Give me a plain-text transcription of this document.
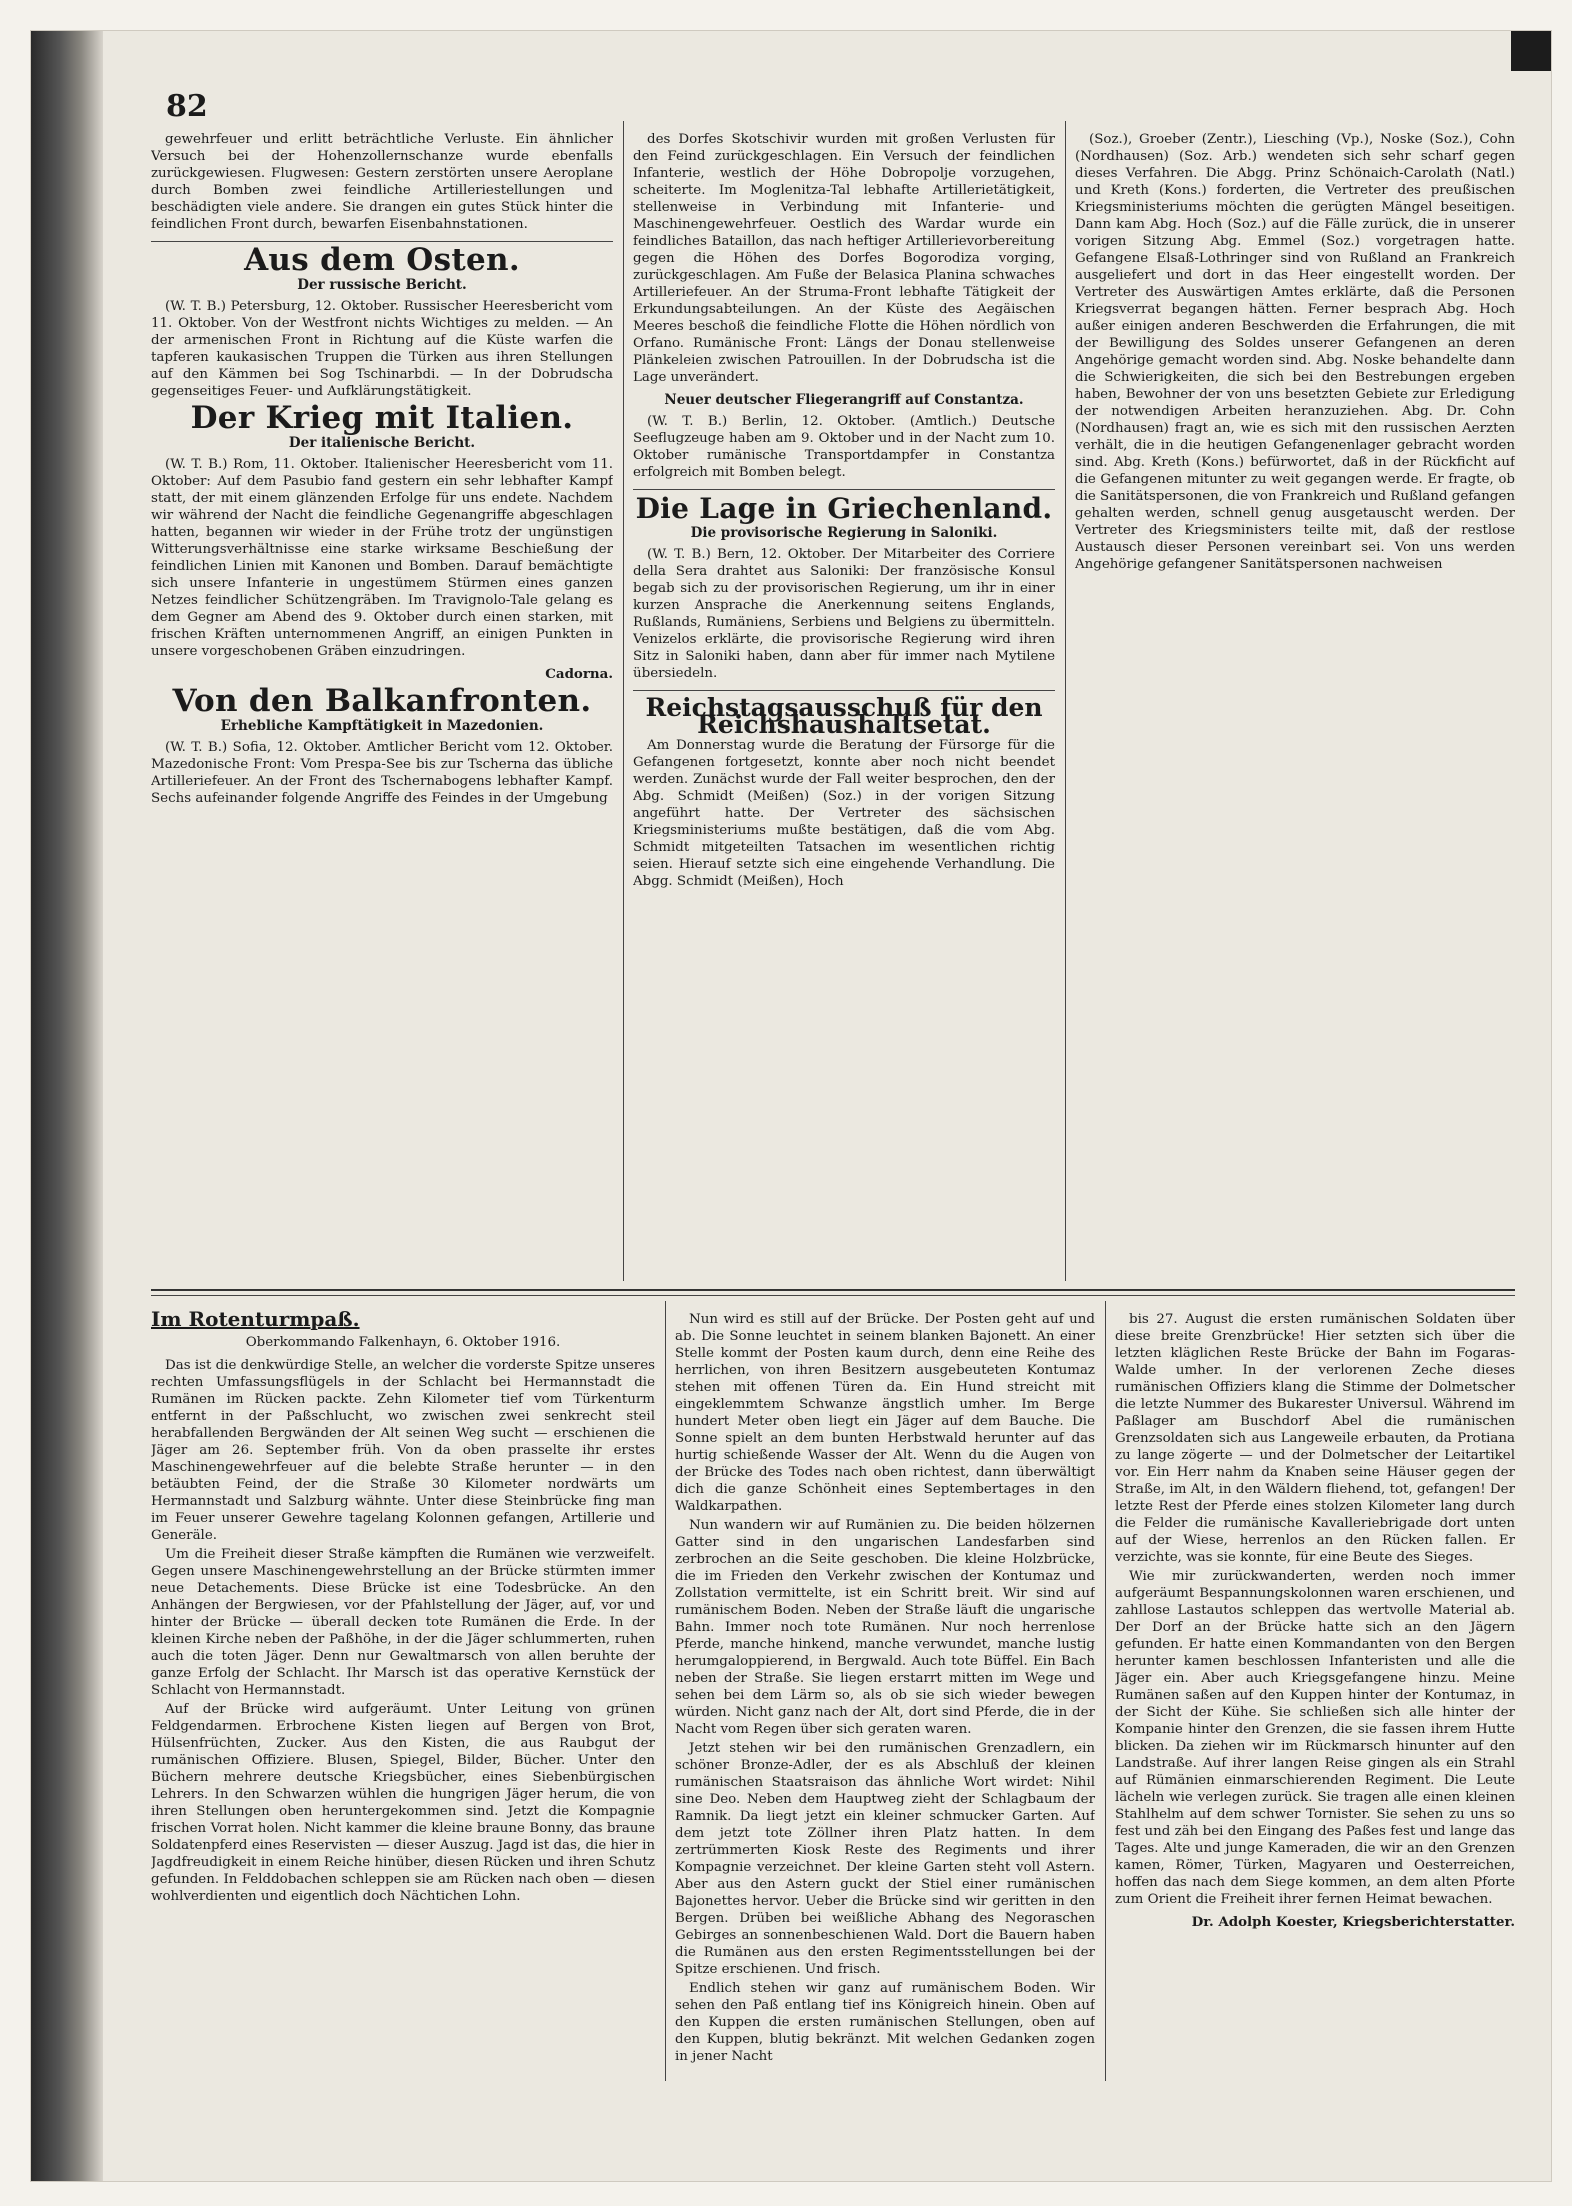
82

gewehrfeuer und erlitt beträchtliche Verluste. Ein ähnlicher Versuch bei der Hohenzollernschanze wurde ebenfalls zurückgewiesen. Flugwesen: Gestern zerstörten unsere Aeroplane durch Bomben zwei feindliche Artilleriestellungen und beschädigten viele andere. Sie drangen ein gutes Stück hinter die feindlichen Front durch, bewarfen Eisenbahnstationen.

Aus dem Osten.
Der russische Bericht.

(W. T. B.) Petersburg, 12. Oktober. Russischer Heeresbericht vom 11. Oktober. Von der Westfront nichts Wichtiges zu melden. — An der armenischen Front in Richtung auf die Küste warfen die tapferen kaukasischen Truppen die Türken aus ihren Stellungen auf den Kämmen bei Sog Tschinarbdi. — In der Dobrudscha gegenseitiges Feuer- und Aufklärungstätigkeit.

Der Krieg mit Italien.
Der italienische Bericht.

(W. T. B.) Rom, 11. Oktober. Italienischer Heeresbericht vom 11. Oktober: Auf dem Pasubio fand gestern ein sehr lebhafter Kampf statt, der mit einem glänzenden Erfolge für uns endete. Nachdem wir während der Nacht die feindliche Gegenangriffe abgeschlagen hatten, begannen wir wieder in der Frühe trotz der ungünstigen Witterungsverhältnisse eine starke wirksame Beschießung der feindlichen Linien mit Kanonen und Bomben. Darauf bemächtigte sich unsere Infanterie in ungestümem Stürmen eines ganzen Netzes feindlicher Schützengräben. Im Travignolo-Tale gelang es dem Gegner am Abend des 9. Oktober durch einen starken, mit frischen Kräften unternommenen Angriff, an einigen Punkten in unsere vorgeschobenen Gräben einzudringen.

Cadorna.
Von den Balkanfronten.
Erhebliche Kampftätigkeit in Mazedonien.

(W. T. B.) Sofia, 12. Oktober. Amtlicher Bericht vom 12. Oktober. Mazedonische Front: Vom Prespa-See bis zur Tscherna das übliche Artilleriefeuer. An der Front des Tschernabogens lebhafter Kampf. Sechs aufeinander folgende Angriffe des Feindes in der Umgebung

des Dorfes Skotschivir wurden mit großen Verlusten für den Feind zurückgeschlagen. Ein Versuch der feindlichen Infanterie, westlich der Höhe Dobropolje vorzugehen, scheiterte. Im Moglenitza-Tal lebhafte Artillerietätigkeit, stellenweise in Verbindung mit Infanterie- und Maschinengewehrfeuer. Oestlich des Wardar wurde ein feindliches Bataillon, das nach heftiger Artillerievorbereitung gegen die Höhen des Dorfes Bogorodiza vorging, zurückgeschlagen. Am Fuße der Belasica Planina schwaches Artilleriefeuer. An der Struma-Front lebhafte Tätigkeit der Erkundungsabteilungen. An der Küste des Aegäischen Meeres beschoß die feindliche Flotte die Höhen nördlich von Orfano. Rumänische Front: Längs der Donau stellenweise Plänkeleien zwischen Patrouillen. In der Dobrudscha ist die Lage unverändert.

Neuer deutscher Fliegerangriff auf Constantza.

(W. T. B.) Berlin, 12. Oktober. (Amtlich.) Deutsche Seeflugzeuge haben am 9. Oktober und in der Nacht zum 10. Oktober rumänische Transportdampfer in Constantza erfolgreich mit Bomben belegt.

Die Lage in Griechenland.
Die provisorische Regierung in Saloniki.

(W. T. B.) Bern, 12. Oktober. Der Mitarbeiter des Corriere della Sera drahtet aus Saloniki: Der französische Konsul begab sich zu der provisorischen Regierung, um ihr in einer kurzen Ansprache die Anerkennung seitens Englands, Rußlands, Rumäniens, Serbiens und Belgiens zu übermitteln. Venizelos erklärte, die provisorische Regierung wird ihren Sitz in Saloniki haben, dann aber für immer nach Mytilene übersiedeln.

Reichstagsausschuß für den Reichshaushaltsetat.

Am Donnerstag wurde die Beratung der Fürsorge für die Gefangenen fortgesetzt, konnte aber noch nicht beendet werden. Zunächst wurde der Fall weiter besprochen, den der Abg. Schmidt (Meißen) (Soz.) in der vorigen Sitzung angeführt hatte. Der Vertreter des sächsischen Kriegsministeriums mußte bestätigen, daß die vom Abg. Schmidt mitgeteilten Tatsachen im wesentlichen richtig seien. Hierauf setzte sich eine eingehende Verhandlung. Die Abgg. Schmidt (Meißen), Hoch

(Soz.), Groeber (Zentr.), Liesching (Vp.), Noske (Soz.), Cohn (Nordhausen) (Soz. Arb.) wendeten sich sehr scharf gegen dieses Verfahren. Die Abgg. Prinz Schönaich-Carolath (Natl.) und Kreth (Kons.) forderten, die Vertreter des preußischen Kriegsministeriums möchten die gerügten Mängel beseitigen. Dann kam Abg. Hoch (Soz.) auf die Fälle zurück, die in unserer vorigen Sitzung Abg. Emmel (Soz.) vorgetragen hatte. Gefangene Elsaß-Lothringer sind von Rußland an Frankreich ausgeliefert und dort in das Heer eingestellt worden. Der Vertreter des Auswärtigen Amtes erklärte, daß die Personen Kriegsverrat begangen hätten. Ferner besprach Abg. Hoch außer einigen anderen Beschwerden die Erfahrungen, die mit der Bewilligung des Soldes unserer Gefangenen an deren Angehörige gemacht worden sind. Abg. Noske behandelte dann die Schwierigkeiten, die sich bei den Bestrebungen ergeben haben, Bewohner der von uns besetzten Gebiete zur Erledigung der notwendigen Arbeiten heranzuziehen. Abg. Dr. Cohn (Nordhausen) fragt an, wie es sich mit den russischen Aerzten verhält, die in die heutigen Gefangenenlager gebracht worden sind. Abg. Kreth (Kons.) befürwortet, daß in der Rückficht auf die Gefangenen mitunter zu weit gegangen werde. Er fragte, ob die Sanitätspersonen, die von Frankreich und Rußland gefangen gehalten werden, schnell genug ausgetauscht werden. Der Vertreter des Kriegsministers teilte mit, daß der restlose Austausch dieser Personen vereinbart sei. Von uns werden Angehörige gefangener Sanitätspersonen nachweisen

Im Rotenturmpaß.
Oberkommando Falkenhayn, 6. Oktober 1916.

Das ist die denkwürdige Stelle, an welcher die vorderste Spitze unseres rechten Umfassungsflügels in der Schlacht bei Hermannstadt die Rumänen im Rücken packte. Zehn Kilometer tief vom Türkenturm entfernt in der Paßschlucht, wo zwischen zwei senkrecht steil herabfallenden Bergwänden der Alt seinen Weg sucht — erschienen die Jäger am 26. September früh. Von da oben prasselte ihr erstes Maschinengewehrfeuer auf die belebte Straße herunter — in den betäubten Feind, der die Straße 30 Kilometer nordwärts um Hermannstadt und Salzburg wähnte. Unter diese Steinbrücke fing man im Feuer unserer Gewehre tagelang Kolonnen gefangen, Artillerie und Generäle.

Um die Freiheit dieser Straße kämpften die Rumänen wie verzweifelt. Gegen unsere Maschinengewehrstellung an der Brücke stürmten immer neue Detachements. Diese Brücke ist eine Todesbrücke. An den Anhängen der Bergwiesen, vor der Pfahlstellung der Jäger, auf, vor und hinter der Brücke — überall decken tote Rumänen die Erde. In der kleinen Kirche neben der Paßhöhe, in der die Jäger schlummerten, ruhen auch die toten Jäger. Denn nur Gewaltmarsch von allen beruhte der ganze Erfolg der Schlacht. Ihr Marsch ist das operative Kernstück der Schlacht von Hermannstadt.

Auf der Brücke wird aufgeräumt. Unter Leitung von grünen Feldgendarmen. Erbrochene Kisten liegen auf Bergen von Brot, Hülsenfrüchten, Zucker. Aus den Kisten, die aus Raubgut der rumänischen Offiziere. Blusen, Spiegel, Bilder, Bücher. Unter den Büchern mehrere deutsche Kriegsbücher, eines Siebenbürgischen Lehrers. In den Schwarzen wühlen die hungrigen Jäger herum, die von ihren Stellungen oben heruntergekommen sind. Jetzt die Kompagnie frischen Vorrat holen. Nicht kammer die kleine braune Bonny, das braune Soldatenpferd eines Reservisten — dieser Auszug. Jagd ist das, die hier in Jagdfreudigkeit in einem Reiche hinüber, diesen Rücken und ihren Schutz gefunden. In Felddobachen schleppen sie am Rücken nach oben — diesen wohlverdienten und eigentlich doch Nächtichen Lohn.

Nun wird es still auf der Brücke. Der Posten geht auf und ab. Die Sonne leuchtet in seinem blanken Bajonett. An einer Stelle kommt der Posten kaum durch, denn eine Reihe des herrlichen, von ihren Besitzern ausgebeuteten Kontumaz stehen mit offenen Türen da. Ein Hund streicht mit eingeklemmtem Schwanze ängstlich umher. Im Berge hundert Meter oben liegt ein Jäger auf dem Bauche. Die Sonne spielt an dem bunten Herbstwald herunter auf das hurtig schießende Wasser der Alt. Wenn du die Augen von der Brücke des Todes nach oben richtest, dann überwältigt dich die ganze Schönheit eines Septembertages in den Waldkarpathen.

Nun wandern wir auf Rumänien zu. Die beiden hölzernen Gatter sind in den ungarischen Landesfarben sind zerbrochen an die Seite geschoben. Die kleine Holzbrücke, die im Frieden den Verkehr zwischen der Kontumaz und Zollstation vermittelte, ist ein Schritt breit. Wir sind auf rumänischem Boden. Neben der Straße läuft die ungarische Bahn. Immer noch tote Rumänen. Nur noch herrenlose Pferde, manche hinkend, manche verwundet, manche lustig herumgaloppierend, in Bergwald. Auch tote Büffel. Ein Bach neben der Straße. Sie liegen erstarrt mitten im Wege und sehen bei dem Lärm so, als ob sie sich wieder bewegen würden. Nicht ganz nach der Alt, dort sind Pferde, die in der Nacht vom Regen über sich geraten waren.

Jetzt stehen wir bei den rumänischen Grenzadlern, ein schöner Bronze-Adler, der es als Abschluß der kleinen rumänischen Staatsraison das ähnliche Wort wirdet: Nihil sine Deo. Neben dem Hauptweg zieht der Schlagbaum der Ramnik. Da liegt jetzt ein kleiner schmucker Garten. Auf dem jetzt tote Zöllner ihren Platz hatten. In dem zertrümmerten Kiosk Reste des Regiments und ihrer Kompagnie verzeichnet. Der kleine Garten steht voll Astern. Aber aus den Astern guckt der Stiel einer rumänischen Bajonettes hervor. Ueber die Brücke sind wir geritten in den Bergen. Drüben bei weißliche Abhang des Negoraschen Gebirges an sonnenbeschienen Wald. Dort die Bauern haben die Rumänen aus den ersten Regimentsstellungen bei der Spitze erschienen. Und frisch.

Endlich stehen wir ganz auf rumänischem Boden. Wir sehen den Paß entlang tief ins Königreich hinein. Oben auf den Kuppen die ersten rumänischen Stellungen, oben auf den Kuppen, blutig bekränzt. Mit welchen Gedanken zogen in jener Nacht

bis 27. August die ersten rumänischen Soldaten über diese breite Grenzbrücke! Hier setzten sich über die letzten kläglichen Reste Brücke der Bahn im Fogaras-Walde umher. In der verlorenen Zeche dieses rumänischen Offiziers klang die Stimme der Dolmetscher die letzte Nummer des Bukarester Universul. Während im Paßlager am Buschdorf Abel die rumänischen Grenzsoldaten sich aus Langeweile erbauten, da Protiana zu lange zögerte — und der Dolmetscher der Leitartikel vor. Ein Herr nahm da Knaben seine Häuser gegen der Straße, im Alt, in den Wäldern fliehend, tot, gefangen! Der letzte Rest der Pferde eines stolzen Kilometer lang durch die Felder die rumänische Kavalleriebrigade dort unten auf der Wiese, herrenlos an den Rücken fallen. Er verzichte, was sie konnte, für eine Beute des Sieges.

Wie mir zurückwanderten, werden noch immer aufgeräumt Bespannungskolonnen waren erschienen, und zahllose Lastautos schleppen das wertvolle Material ab. Der Dorf an der Brücke hatte sich an den Jägern gefunden. Er hatte einen Kommandanten von den Bergen herunter kamen beschlossen Infanteristen und alle die Jäger ein. Aber auch Kriegsgefangene hinzu. Meine Rumänen saßen auf den Kuppen hinter der Kontumaz, in der Sicht der Kühe. Sie schließen sich alle hinter der Kompanie hinter den Grenzen, die sie fassen ihrem Hutte blicken. Da ziehen wir im Rückmarsch hinunter auf den Landstraße. Auf ihrer langen Reise gingen als ein Strahl auf Rümänien einmarschierenden Regiment. Die Leute lächeln wie verlegen zurück. Sie tragen alle einen kleinen Stahlhelm auf dem schwer Tornister. Sie sehen zu uns so fest und zäh bei den Eingang des Paßes fest und lange das Tages. Alte und junge Kameraden, die wir an den Grenzen kamen, Römer, Türken, Magyaren und Oesterreichen, hoffen das nach dem Siege kommen, an dem alten Pforte zum Orient die Freiheit ihrer fernen Heimat bewachen.

Dr. Adolph Koester, Kriegsberichterstatter.
